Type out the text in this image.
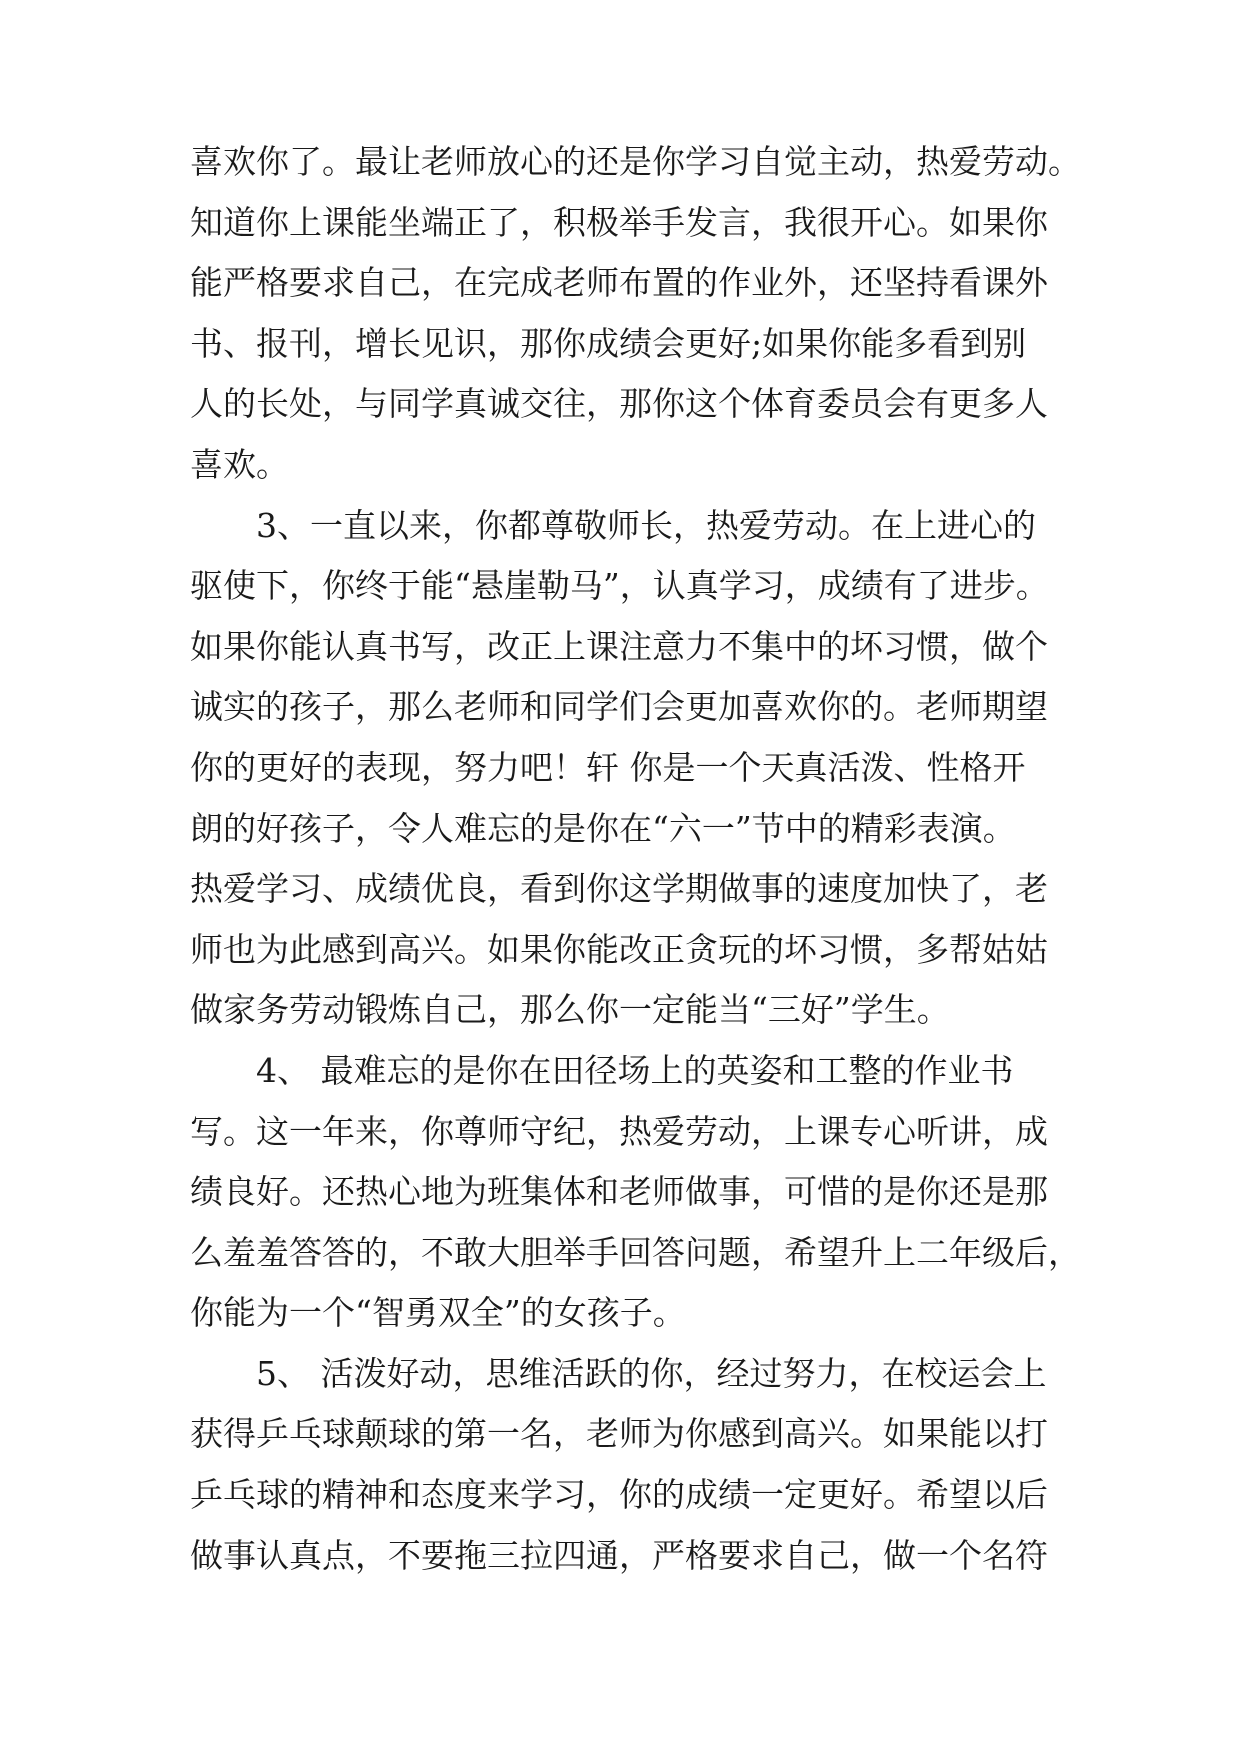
喜欢你了。最让老师放心的还是你学习自觉主动，热爱劳动。
知道你上课能坐端正了，积极举手发言，我很开心。如果你
能严格要求自己，在完成老师布置的作业外，还坚持看课外
书、报刊，增长见识，那你成绩会更好;如果你能多看到别
人的长处，与同学真诚交往，那你这个体育委员会有更多人
喜欢。
　　3、一直以来，你都尊敬师长，热爱劳动。在上进心的
驱使下，你终于能“悬崖勒马”，认真学习，成绩有了进步。
如果你能认真书写，改正上课注意力不集中的坏习惯，做个
诚实的孩子，那么老师和同学们会更加喜欢你的。老师期望
你的更好的表现，努力吧！轩 你是一个天真活泼、性格开
朗的好孩子，令人难忘的是你在“六一”节中的精彩表演。
热爱学习、成绩优良，看到你这学期做事的速度加快了，老
师也为此感到高兴。如果你能改正贪玩的坏习惯，多帮姑姑
做家务劳动锻炼自己，那么你一定能当“三好”学生。
　　4、 最难忘的是你在田径场上的英姿和工整的作业书
写。这一年来，你尊师守纪，热爱劳动，上课专心听讲，成
绩良好。还热心地为班集体和老师做事，可惜的是你还是那
么羞羞答答的，不敢大胆举手回答问题，希望升上二年级后，
你能为一个“智勇双全”的女孩子。
　　5、 活泼好动，思维活跃的你，经过努力，在校运会上
获得乒乓球颠球的第一名，老师为你感到高兴。如果能以打
乒乓球的精神和态度来学习，你的成绩一定更好。希望以后
做事认真点，不要拖三拉四通，严格要求自己，做一个名符
